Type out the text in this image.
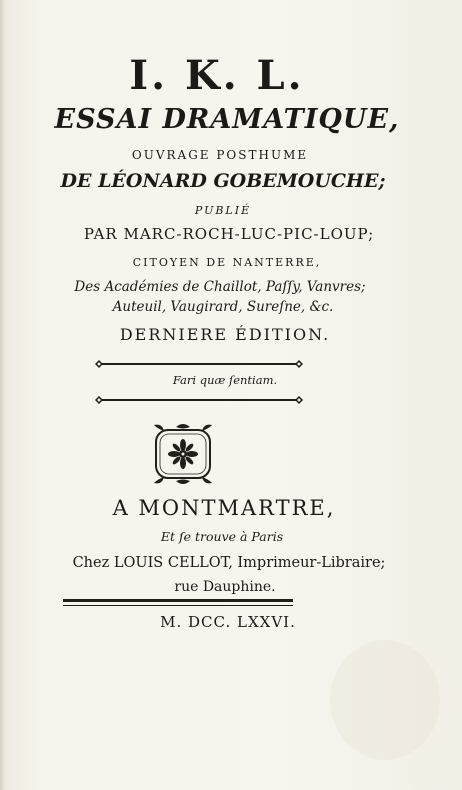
I. K. L.
ESSAI DRAMATIQUE,
OUVRAGE POSTHUME
DE LÉONARD GOBEMOUCHE;
PUBLIÉ
PAR MARC-ROCH-LUC-PIC-LOUP;
CITOYEN DE NANTERRE,
Des Académies de Chaillot, Paſſy, Vanvres;
Auteuil, Vaugirard, Sureſne, &c.
DERNIERE ÉDITION.
Fari quæ ſentiam.
A MONTMARTRE,
Et ſe trouve à Paris
Chez LOUIS CELLOT, Imprimeur-Libraire;
rue Dauphine.
M. DCC. LXXVI.
